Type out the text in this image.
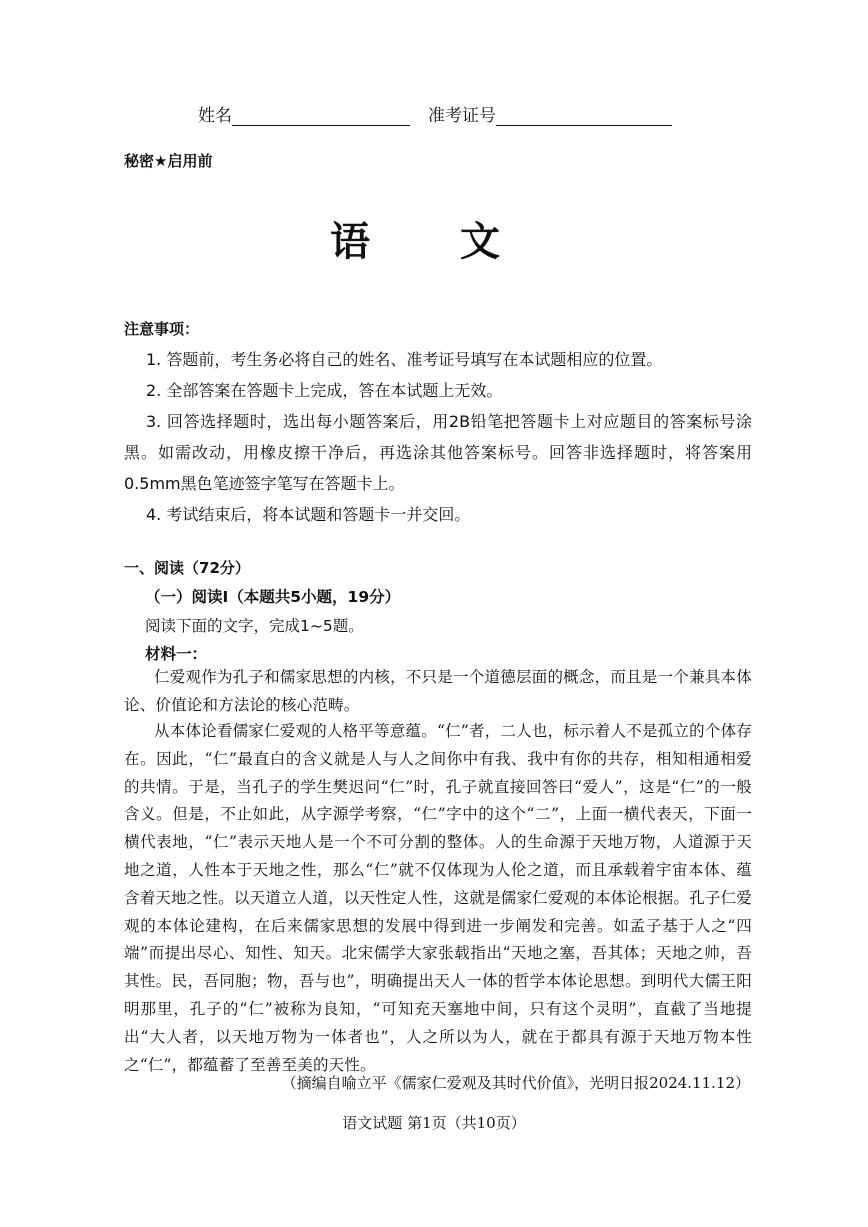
姓名	准考证号
秘密★启用前
语 文
注意事项：
1. 答题前，考生务必将自己的姓名、准考证号填写在本试题相应的位置。
2. 全部答案在答题卡上完成，答在本试题上无效。
3. 回答选择题时，选出每小题答案后，用2B铅笔把答题卡上对应题目的答案标号涂黑。如需改动，用橡皮擦干净后，再选涂其他答案标号。回答非选择题时，将答案用0.5mm黑色笔迹签字笔写在答题卡上。
4. 考试结束后，将本试题和答题卡一并交回。
一、阅读（72分）
（一）阅读Ⅰ（本题共5小题，19分）
阅读下面的文字，完成1~5题。
材料一：
仁爱观作为孔子和儒家思想的内核，不只是一个道德层面的概念，而且是一个兼具本体论、价值论和方法论的核心范畴。
从本体论看儒家仁爱观的人格平等意蕴。“仁”者，二人也，标示着人不是孤立的个体存在。因此，“仁”最直白的含义就是人与人之间你中有我、我中有你的共存，相知相通相爱的共情。于是，当孔子的学生樊迟问“仁”时，孔子就直接回答曰“爱人”，这是“仁”的一般含义。但是，不止如此，从字源学考察，“仁”字中的这个“二”，上面一横代表天，下面一横代表地，“仁”表示天地人是一个不可分割的整体。人的生命源于天地万物，人道源于天地之道，人性本于天地之性，那么“仁”就不仅体现为人伦之道，而且承载着宇宙本体、蕴含着天地之性。以天道立人道，以天性定人性，这就是儒家仁爱观的本体论根据。孔子仁爱观的本体论建构，在后来儒家思想的发展中得到进一步阐发和完善。如孟子基于人之“四端”而提出尽心、知性、知天。北宋儒学大家张载指出“天地之塞，吾其体；天地之帅，吾其性。民，吾同胞；物，吾与也”，明确提出天人一体的哲学本体论思想。到明代大儒王阳明那里，孔子的“仁”被称为良知，“可知充天塞地中间，只有这个灵明”，直截了当地提出“大人者，以天地万物为一体者也”，人之所以为人，就在于都具有源于天地万物本性之“仁”，都蕴蓄了至善至美的天性。
（摘编自喻立平《儒家仁爱观及其时代价值》，光明日报2024.11.12）
语文试题 第1页（共10页）
